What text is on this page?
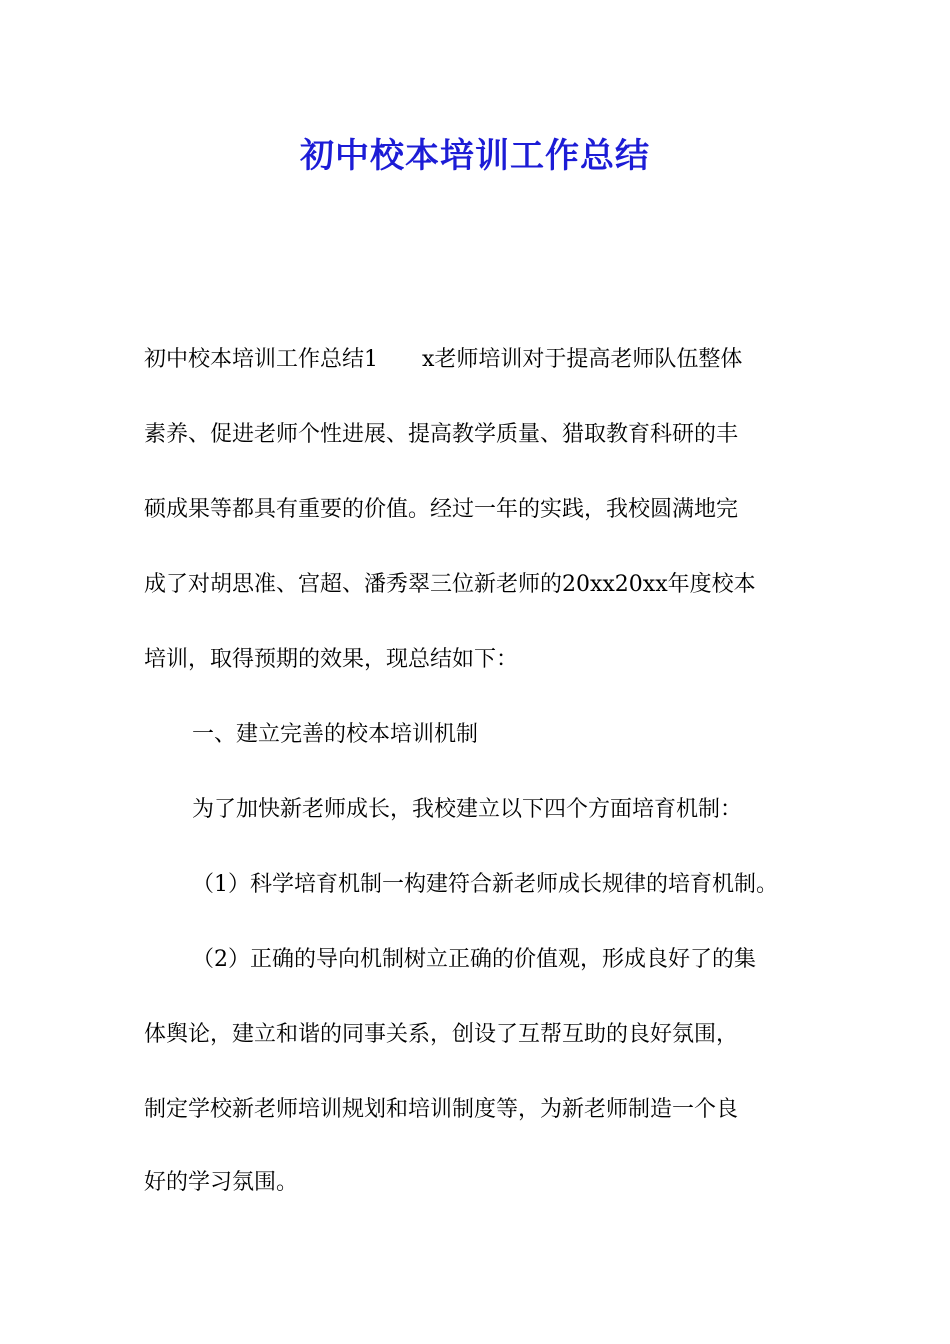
初中校本培训工作总结

初中校本培训工作总结1 x老师培训对于提高老师队伍整体

素养、促进老师个性进展、提高教学质量、猎取教育科研的丰

硕成果等都具有重要的价值。经过一年的实践，我校圆满地完

成了对胡思准、宫超、潘秀翠三位新老师的20xx20xx年度校本

培训，取得预期的效果，现总结如下：

一、建立完善的校本培训机制

为了加快新老师成长，我校建立以下四个方面培育机制：

（1）科学培育机制一构建符合新老师成长规律的培育机制。

（2）正确的导向机制树立正确的价值观，形成良好了的集

体舆论，建立和谐的同事关系，创设了互帮互助的良好氛围，

制定学校新老师培训规划和培训制度等，为新老师制造一个良

好的学习氛围。
